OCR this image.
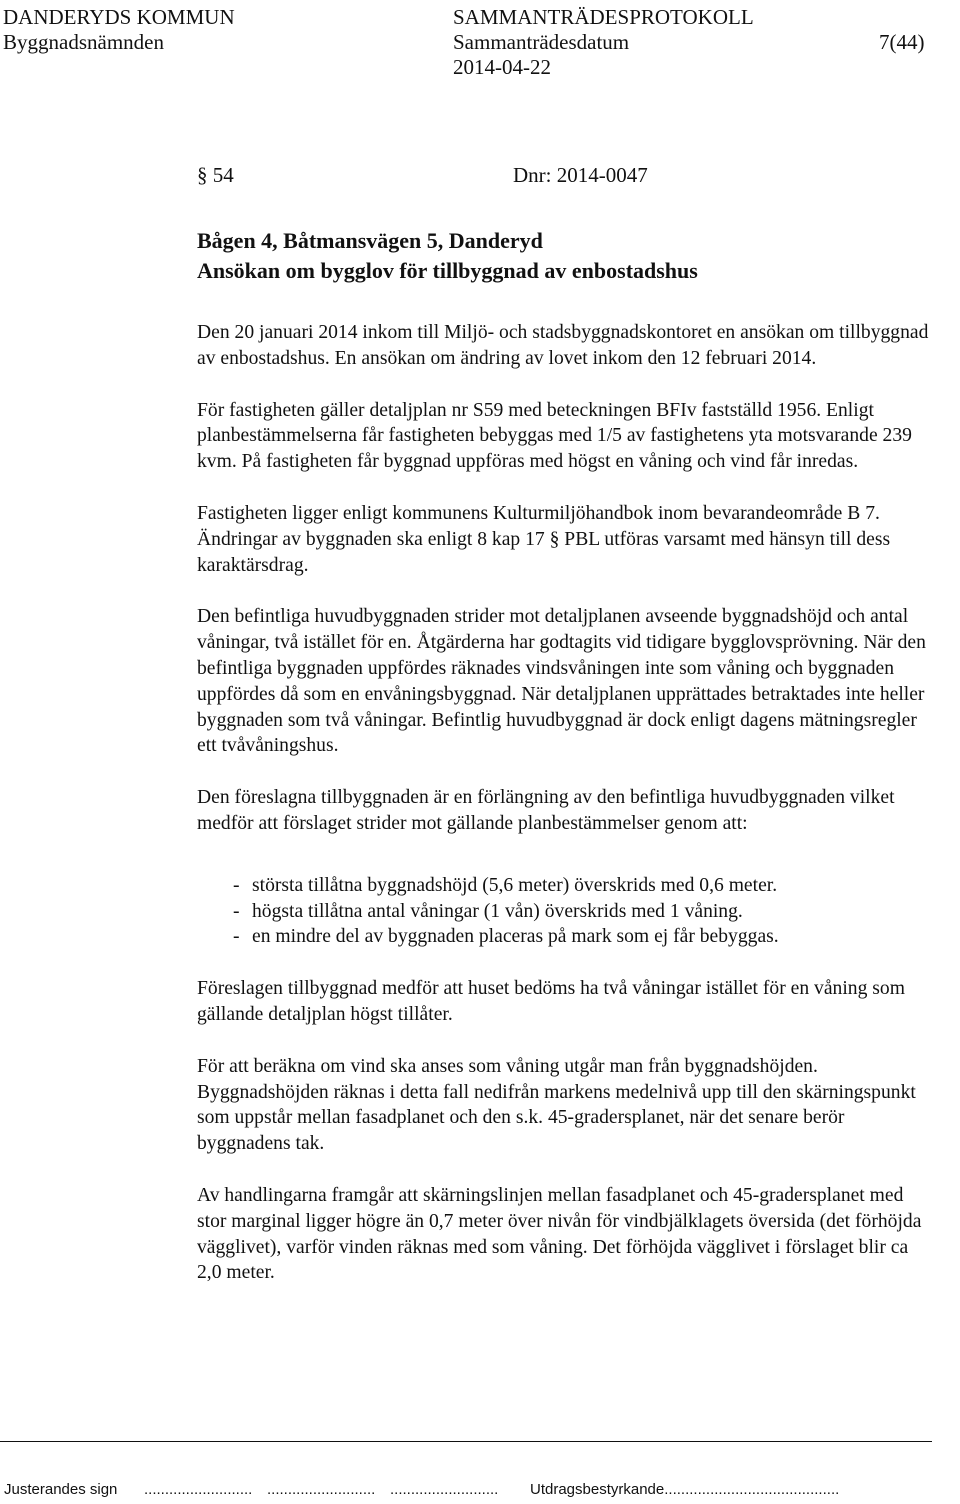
DANDERYDS KOMMUN	SAMMANTRÄDESPROTOKOLL
Byggnadsnämnden	Sammanträdesdatum	7(44)
2014-04-22
§ 54	Dnr: 2014-0047
Bågen 4, Båtmansvägen 5, Danderyd
Ansökan om bygglov för tillbyggnad av enbostadshus

Den 20 januari 2014 inkom till Miljö- och stadsbyggnadskontoret en ansökan om tillbyggnad av enbostadshus. En ansökan om ändring av lovet inkom den 12 februari 2014.

För fastigheten gäller detaljplan nr S59 med beteckningen BFIv fastställd 1956. Enligt planbestämmelserna får fastigheten bebyggas med 1/5 av fastighetens yta motsvarande 239 kvm. På fastigheten får byggnad uppföras med högst en våning och vind får inredas.

Fastigheten ligger enligt kommunens Kulturmiljöhandbok inom bevarandeområde B 7. Ändringar av byggnaden ska enligt 8 kap 17 § PBL utföras varsamt med hänsyn till dess karaktärsdrag.

Den befintliga huvudbyggnaden strider mot detaljplanen avseende byggnadshöjd och antal våningar, två istället för en. Åtgärderna har godtagits vid tidigare bygglovsprövning. När den befintliga byggnaden uppfördes räknades vindsvåningen inte som våning och byggnaden uppfördes då som en envåningsbyggnad. När detaljplanen upprättades betraktades inte heller byggnaden som två våningar. Befintlig huvudbyggnad är dock enligt dagens mätningsregler ett tvåvåningshus.

Den föreslagna tillbyggnaden är en förlängning av den befintliga huvudbyggnaden vilket medför att förslaget strider mot gällande planbestämmelser genom att:

- största tillåtna byggnadshöjd (5,6 meter) överskrids med 0,6 meter.
- högsta tillåtna antal våningar (1 vån) överskrids med 1 våning.
- en mindre del av byggnaden placeras på mark som ej får bebyggas.

Föreslagen tillbyggnad medför att huset bedöms ha två våningar istället för en våning som gällande detaljplan högst tillåter.

För att beräkna om vind ska anses som våning utgår man från byggnadshöjden. Byggnadshöjden räknas i detta fall nedifrån markens medelnivå upp till den skärningspunkt som uppstår mellan fasadplanet och den s.k. 45-gradersplanet, när det senare berör byggnadens tak.

Av handlingarna framgår att skärningslinjen mellan fasadplanet och 45-gradersplanet med stor marginal ligger högre än 0,7 meter över nivån för vindbjälklagets översida (det förhöjda vägglivet), varför vinden räknas med som våning. Det förhöjda vägglivet i förslaget blir ca 2,0 meter.

Justerandes sign .......................... .......................... .......................... Utdragsbestyrkande..........................................
